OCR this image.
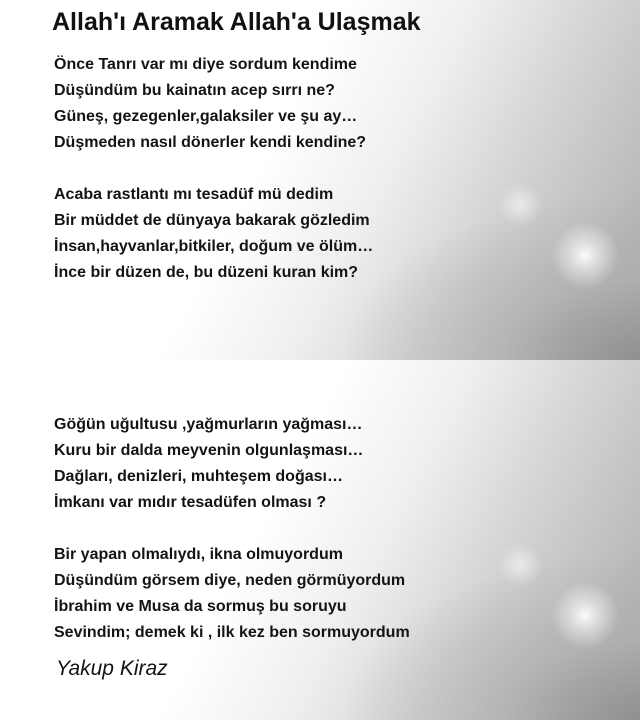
Allah'ı Aramak Allah'a Ulaşmak
Önce Tanrı var mı diye sordum kendime
Düşündüm bu kainatın acep sırrı ne?
Güneş, gezegenler,galaksiler ve şu ay…
Düşmeden nasıl dönerler kendi kendine?
Acaba rastlantı mı tesadüf mü dedim
Bir müddet de dünyaya bakarak gözledim
İnsan,hayvanlar,bitkiler, doğum ve ölüm…
İnce bir düzen de, bu düzeni kuran kim?
Göğün uğultusu ,yağmurların yağması…
Kuru bir dalda meyvenin olgunlaşması…
Dağları, denizleri, muhteşem doğası…
İmkanı var mıdır tesadüfen olması ?
Bir yapan olmalıydı, ikna olmuyordum
Düşündüm görsem diye, neden görmüyordum
İbrahim ve Musa da sormuş bu soruyu
Sevindim; demek ki , ilk kez ben sormuyordum
Yakup Kiraz
